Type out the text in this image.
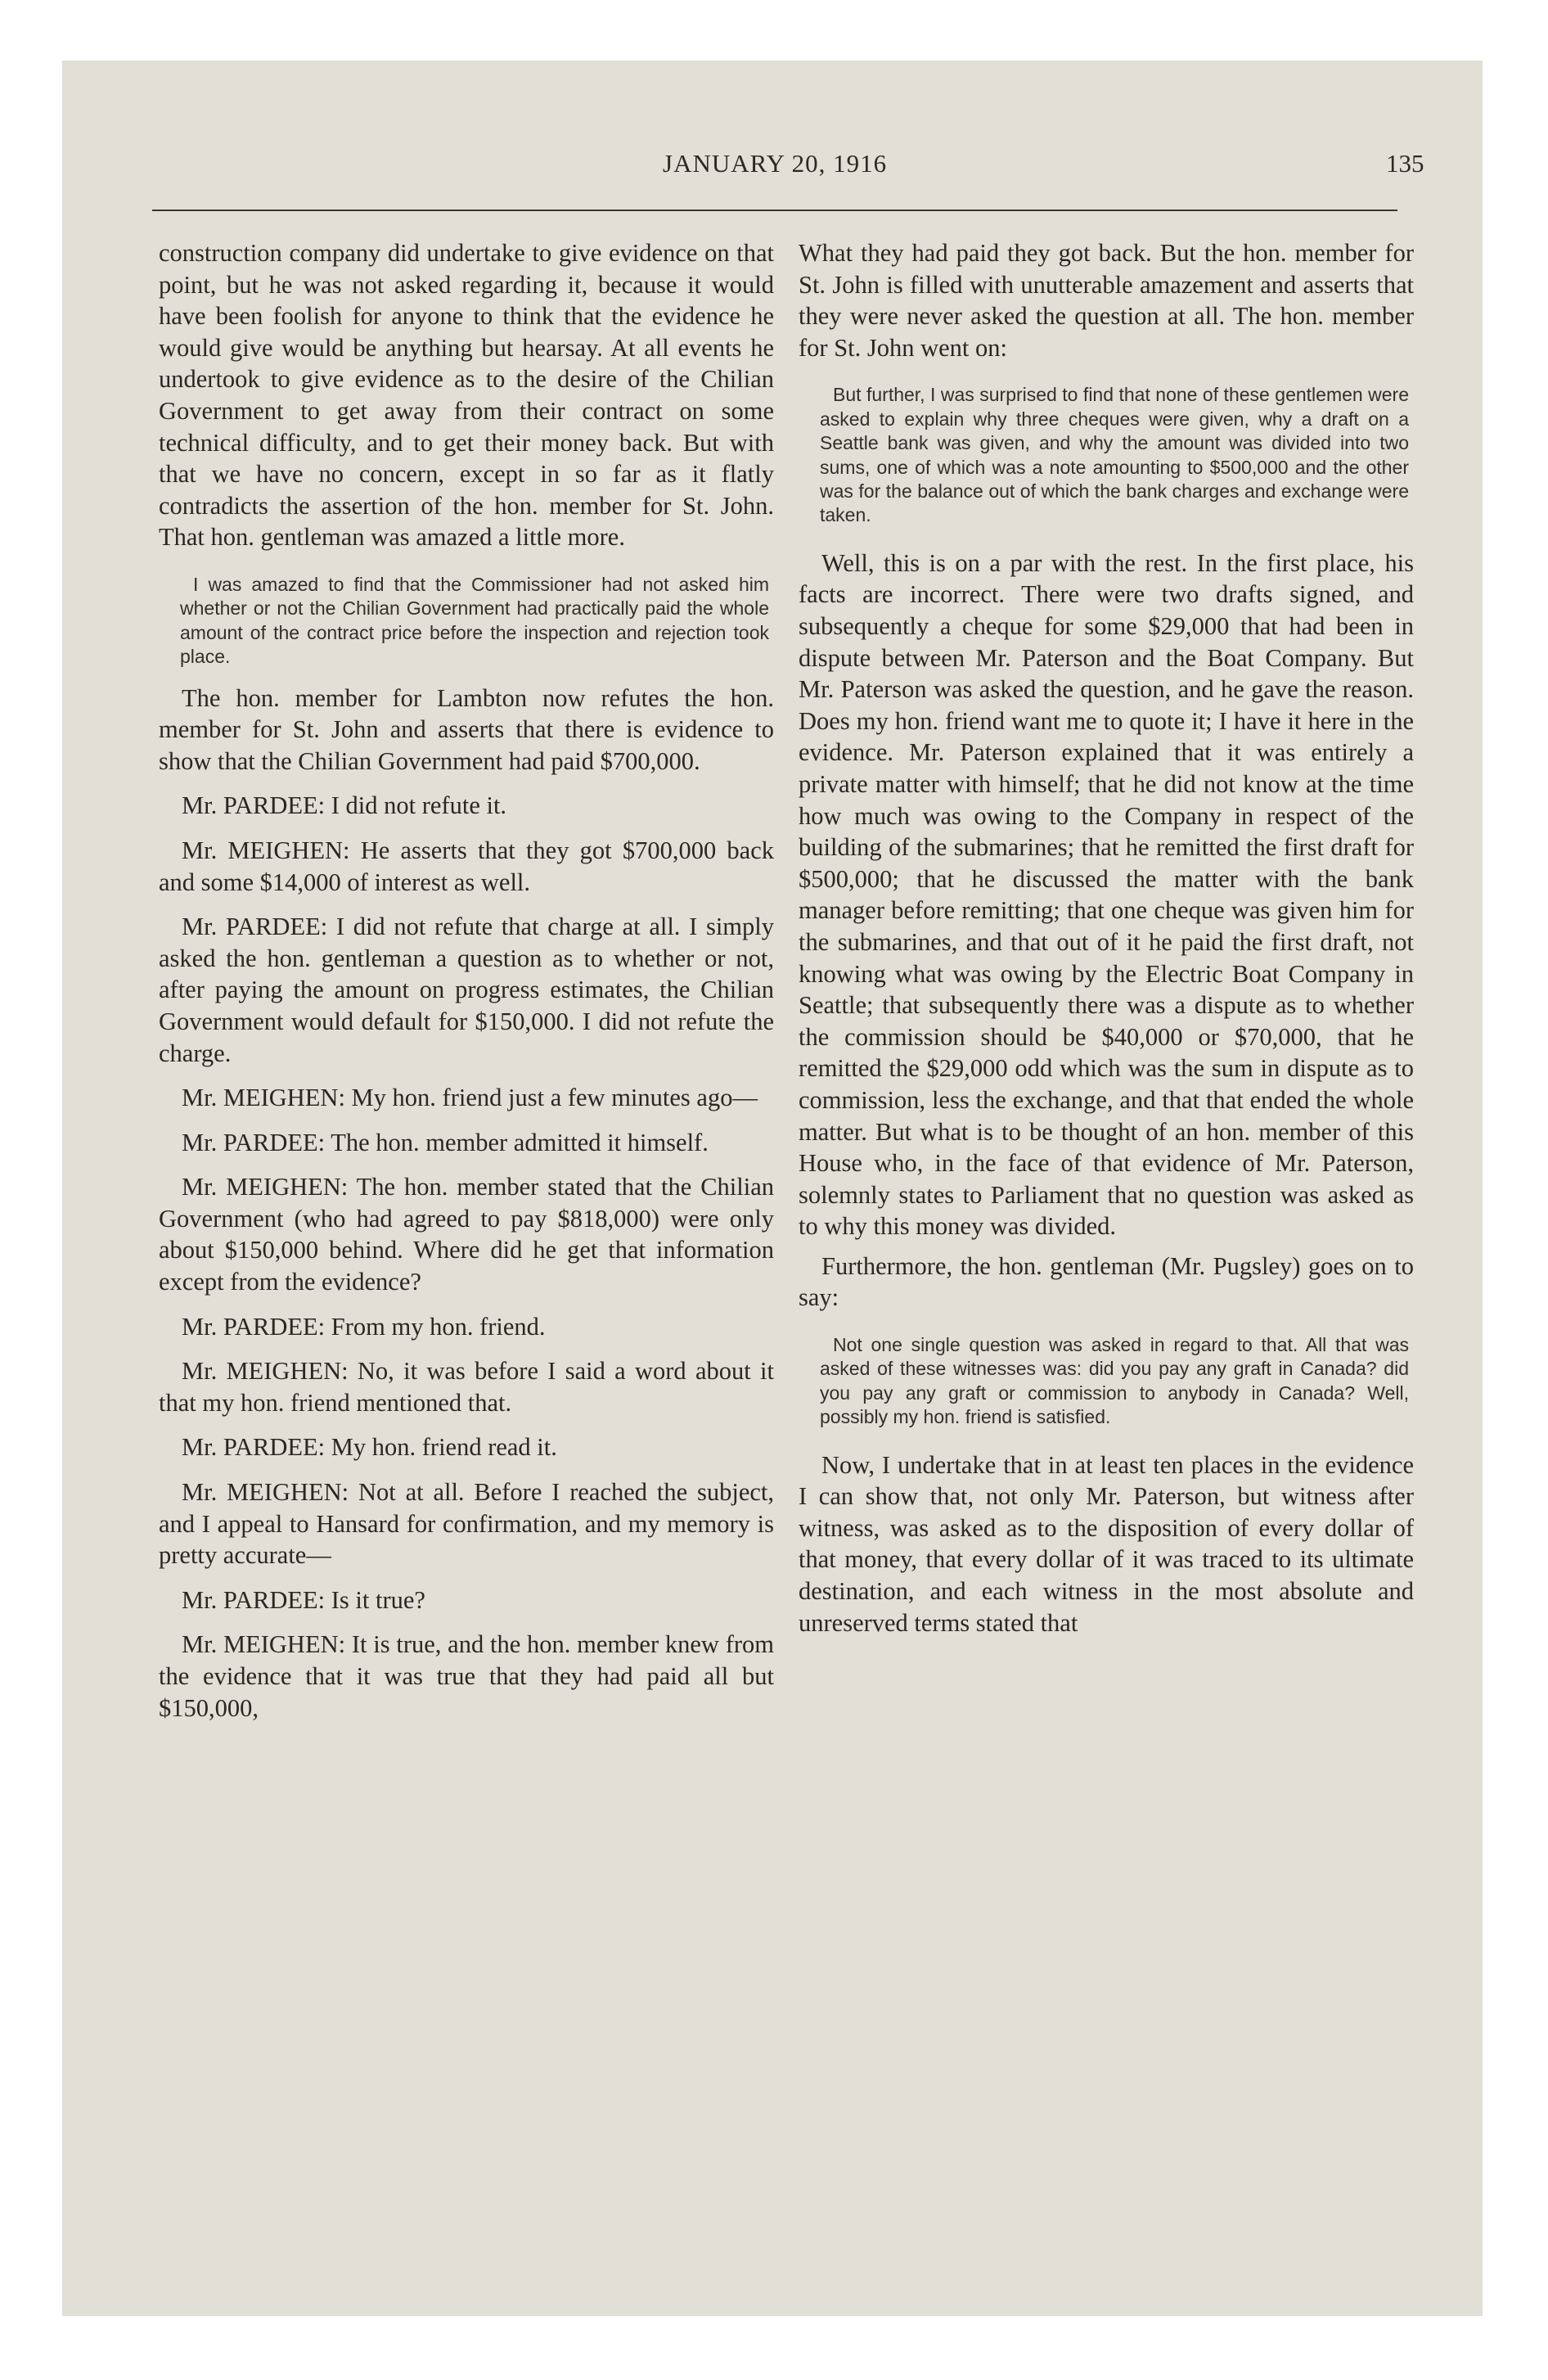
JANUARY 20, 1916	135

construction company did undertake to give evidence on that point, but he was not asked regarding it, because it would have been foolish for anyone to think that the evidence he would give would be anything but hearsay. At all events he undertook to give evidence as to the desire of the Chilian Government to get away from their contract on some technical difficulty, and to get their money back. But with that we have no concern, except in so far as it flatly contradicts the assertion of the hon. member for St. John. That hon. gentleman was amazed a little more.

I was amazed to find that the Commissioner had not asked him whether or not the Chilian Government had practically paid the whole amount of the contract price before the inspection and rejection took place.

The hon. member for Lambton now refutes the hon. member for St. John and asserts that there is evidence to show that the Chilian Government had paid $700,000.

Mr. PARDEE: I did not refute it.

Mr. MEIGHEN: He asserts that they got $700,000 back and some $14,000 of interest as well.

Mr. PARDEE: I did not refute that charge at all. I simply asked the hon. gentleman a question as to whether or not, after paying the amount on progress estimates, the Chilian Government would default for $150,000. I did not refute the charge.

Mr. MEIGHEN: My hon. friend just a few minutes ago—

Mr. PARDEE: The hon. member admitted it himself.

Mr. MEIGHEN: The hon. member stated that the Chilian Government (who had agreed to pay $818,000) were only about $150,000 behind. Where did he get that information except from the evidence?

Mr. PARDEE: From my hon. friend.

Mr. MEIGHEN: No, it was before I said a word about it that my hon. friend mentioned that.

Mr. PARDEE: My hon. friend read it.

Mr. MEIGHEN: Not at all. Before I reached the subject, and I appeal to Hansard for confirmation, and my memory is pretty accurate—

Mr. PARDEE: Is it true?

Mr. MEIGHEN: It is true, and the hon. member knew from the evidence that it was true that they had paid all but $150,000,

What they had paid they got back. But the hon. member for St. John is filled with unutterable amazement and asserts that they were never asked the question at all. The hon. member for St. John went on:

But further, I was surprised to find that none of these gentlemen were asked to explain why three cheques were given, why a draft on a Seattle bank was given, and why the amount was divided into two sums, one of which was a note amounting to $500,000 and the other was for the balance out of which the bank charges and exchange were taken.

Well, this is on a par with the rest. In the first place, his facts are incorrect. There were two drafts signed, and subsequently a cheque for some $29,000 that had been in dispute between Mr. Paterson and the Boat Company. But Mr. Paterson was asked the question, and he gave the reason. Does my hon. friend want me to quote it; I have it here in the evidence. Mr. Paterson explained that it was entirely a private matter with himself; that he did not know at the time how much was owing to the Company in respect of the building of the submarines; that he remitted the first draft for $500,000; that he discussed the matter with the bank manager before remitting; that one cheque was given him for the submarines, and that out of it he paid the first draft, not knowing what was owing by the Electric Boat Company in Seattle; that subsequently there was a dispute as to whether the commission should be $40,000 or $70,000, that he remitted the $29,000 odd which was the sum in dispute as to commission, less the exchange, and that that ended the whole matter. But what is to be thought of an hon. member of this House who, in the face of that evidence of Mr. Paterson, solemnly states to Parliament that no question was asked as to why this money was divided.

Furthermore, the hon. gentleman (Mr. Pugsley) goes on to say:

Not one single question was asked in regard to that. All that was asked of these witnesses was: did you pay any graft in Canada? did you pay any graft or commission to anybody in Canada? Well, possibly my hon. friend is satisfied.

Now, I undertake that in at least ten places in the evidence I can show that, not only Mr. Paterson, but witness after witness, was asked as to the disposition of every dollar of that money, that every dollar of it was traced to its ultimate destination, and each witness in the most absolute and unreserved terms stated that
